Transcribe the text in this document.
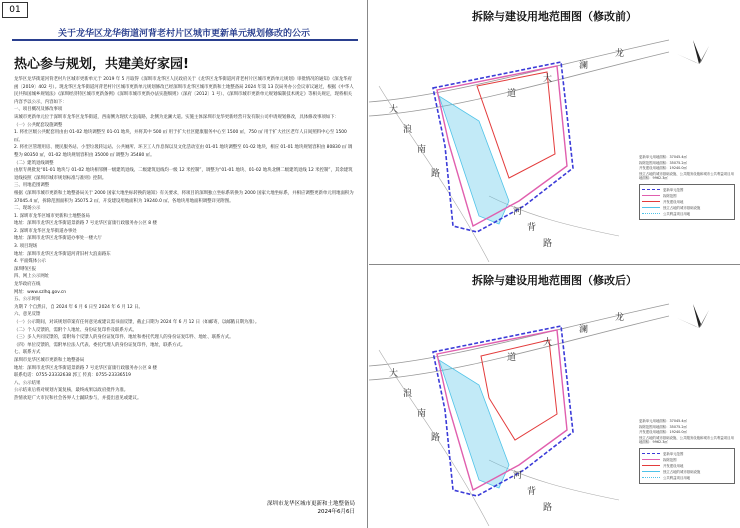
01
关于龙华区龙华街道河背老村片区城市更新单元规划修改的公示
热心参与规划，共建美好家园!

龙华区龙华街道河背老村片区城市更新单元于 2019 年 5 月取得《深圳市龙华区人民政府关于《龙华区龙华街道河背老村片区城市更新单元规划》审批情况的通知》（深龙华府函〔2019〕402 号）。现龙华区龙华街道河背老村片区城市更新单元规划修改已经深圳市龙华区城市更新和土地整备局 2024 年第 13 次局务办公会议审议通过，根据《中华人民共和国城乡规划法》《深圳经济特区城市更新条例》《深圳市城市更新办法实施细则》（深府〔2012〕1 号）、《深圳市城市更新单元规划编制技术规定》等相关规定，现将相关内容予以公示，内容如下：

一、项目概况及修改事项

该城市更新单元位于深圳市龙华区龙华街道，西南侧为现状大浪南路，北侧为龙澜大道。实施主体深圳市龙华更新经营开发有限公司申请规划修改，具体修改事项如下：

（一）公共配套设施调整

1. 将社区级公共配套用由由 01-02 地块调整至 01-01 地块，并将其中 500 ㎡ 用于扩大社区健康服务中心至 1500 ㎡，750 ㎡ 用于扩大社区老年人日间照料中心至 1500 ㎡。

2. 将社区管理用房、便民服务站、小型垃圾转运站、公共厕所、环卫工人作息保以及文化活动室由 01-01 地块调整至 01-02 地块，相应 01-01 地块规划容积由 80830 ㎡ 调整为 80350 ㎡，01-02 地块规划容积由 35000 ㎡ 调整为 35480 ㎡。

（二）建筑退线调整

由原专规批复“01-01 地块与 01-02 地块相邻侧一级建筑退线、二级建筑退线均一级 12 米控制”，调整为“01-01 地块、01-02 地块北侧二级建筑退线 12 米控制”，其余建筑退线按照《深圳市城市规划标准与准则》控制。

三、用地范围调整

根据《深圳市城市更新和土地整备局关于 2000 国家大地坐标转换的通知》有关要求，将项目的深圳独立坐标系转换为 2000 国家大地坐标系，并相应调整更新单元用地面积为 37045.4 ㎡，拆除范围面积为 35075.2 ㎡，开发建设用地面积为 19240.0 ㎡。各地块用地面积调整详见附图。

二、现场公示

1. 深圳市龙华区城市更新和土地整备局

地址：深圳市龙华区龙华街道景新路 7 号龙华区富康行政服务办公区 8 楼

2. 深圳市龙华区龙华街道办事处

地址：深圳市龙华区龙华街道办事处一楼大厅

3. 项目现场

地址：深圳市龙华区龙华街道河背旧村大浪南路东

4. 平面媒体公示

深圳特区报

四、网上公示网址

龙华政府在线

网址：www.szlhq.gov.cn

五、公示时间

为期 7 个自然日，自 2024 年 6 月 6 日至 2024 年 6 月 12 日。

六、意见反馈

（一）公示期间，对该规划草案有任何意见或建议需书面反馈，截止日期为 2024 年 6 月 12 日（如邮寄，以邮戳日期为准）。

（二）个人反馈的，需附个人地址、身份证复印件及联系方式。

（三）多人共同反馈的，需附每个反馈人的身份证复印件、地址和委托代理人的身份证复印件、地址、联系方式。

（四）单位反馈的，需附单位法人代表、委托代理人的身份证复印件，地址，联系方式。

七、联系方式

深圳市龙华区城市更新和土地整备局

地址：深圳市龙华区龙华街道景新路 7 号龙华区富康行政服务办公区 8 楼

联系电话：0755-23332638 郭工 传真：0755-23336519

八、公示结果

公示结束后将对规划方案复核，最终成果以政府批件为准。

热情欢迎广大市民和社会各界人士踊跃参与，并提出意见或建议。

深圳市龙华区城市更新和土地整备局
2024年6月6日
拆除与建设用地范围图（修改前）
龙
澜
大
道
大
浪
南
路
河
背
路
更新单元用地面积：37045.4㎡
拆除范围用地面积：35075.2㎡
开发建设用地面积：19240.0㎡
独立占地的城市基础设施、公共服务设施和城市公共利益项目用地面积：9962.3㎡
更新单元范围
拆除范围
开发建设用地
独立占地的城市基础设施
公共利益项目用地
拆除与建设用地范围图（修改后）
龙
澜
大
道
大
浪
南
路
河
背
路
更新单元用地面积：37045.4㎡
拆除范围用地面积：35075.2㎡
开发建设用地面积：19240.0㎡
独立占地的城市基础设施、公共服务设施和城市公共利益项目用地面积：9962.3㎡
更新单元范围
拆除范围
开发建设用地
独立占地的城市基础设施
公共利益项目用地
